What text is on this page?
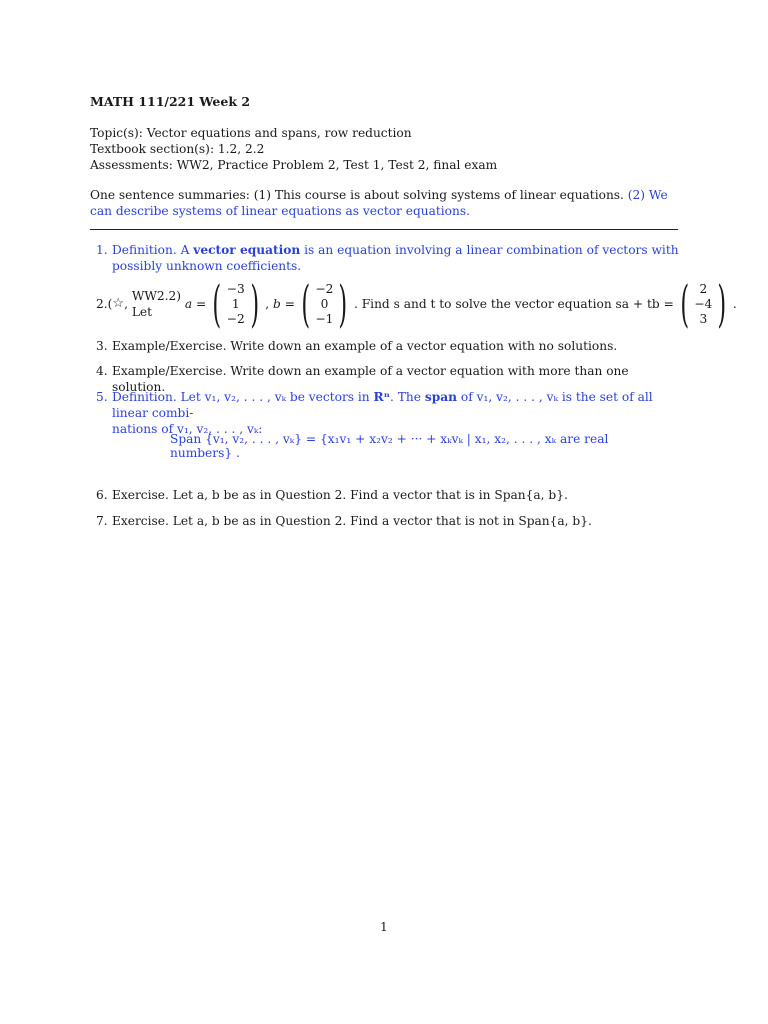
MATH 111/221 Week 2
Topic(s): Vector equations and spans, row reduction
Textbook section(s): 1.2, 2.2
Assessments: WW2, Practice Problem 2, Test 1, Test 2, final exam
One sentence summaries: (1) This course is about solving systems of linear equations. (2) We can describe systems of linear equations as vector equations.
1. Definition. A vector equation is an equation involving a linear combination of vectors with possibly unknown coefficients.
2. ( ☆ ,
WW2.2) Let
a = ( −3
1
−2 ) , b = ( −2
0
−1 ) . Find s and t to solve the vector equation sa + tb = ( 2
−4
3 ) .
3. Example/Exercise. Write down an example of a vector equation with no solutions.
4. Example/Exercise. Write down an example of a vector equation with more than one solution.
5. Definition. Let v₁, v₂, . . . , vₖ be vectors in Rⁿ. The span of v₁, v₂, . . . , vₖ is the set of all linear combi-
nations of v₁, v₂, . . . , vₖ:
Span {v₁, v₂, . . . , vₖ} = {x₁v₁ + x₂v₂ + ··· + xₖvₖ | x₁, x₂, . . . , xₖ are real numbers} .
6. Exercise. Let a, b be as in Question 2. Find a vector that is in Span{a, b}.
7. Exercise. Let a, b be as in Question 2. Find a vector that is not in Span{a, b}.
1
